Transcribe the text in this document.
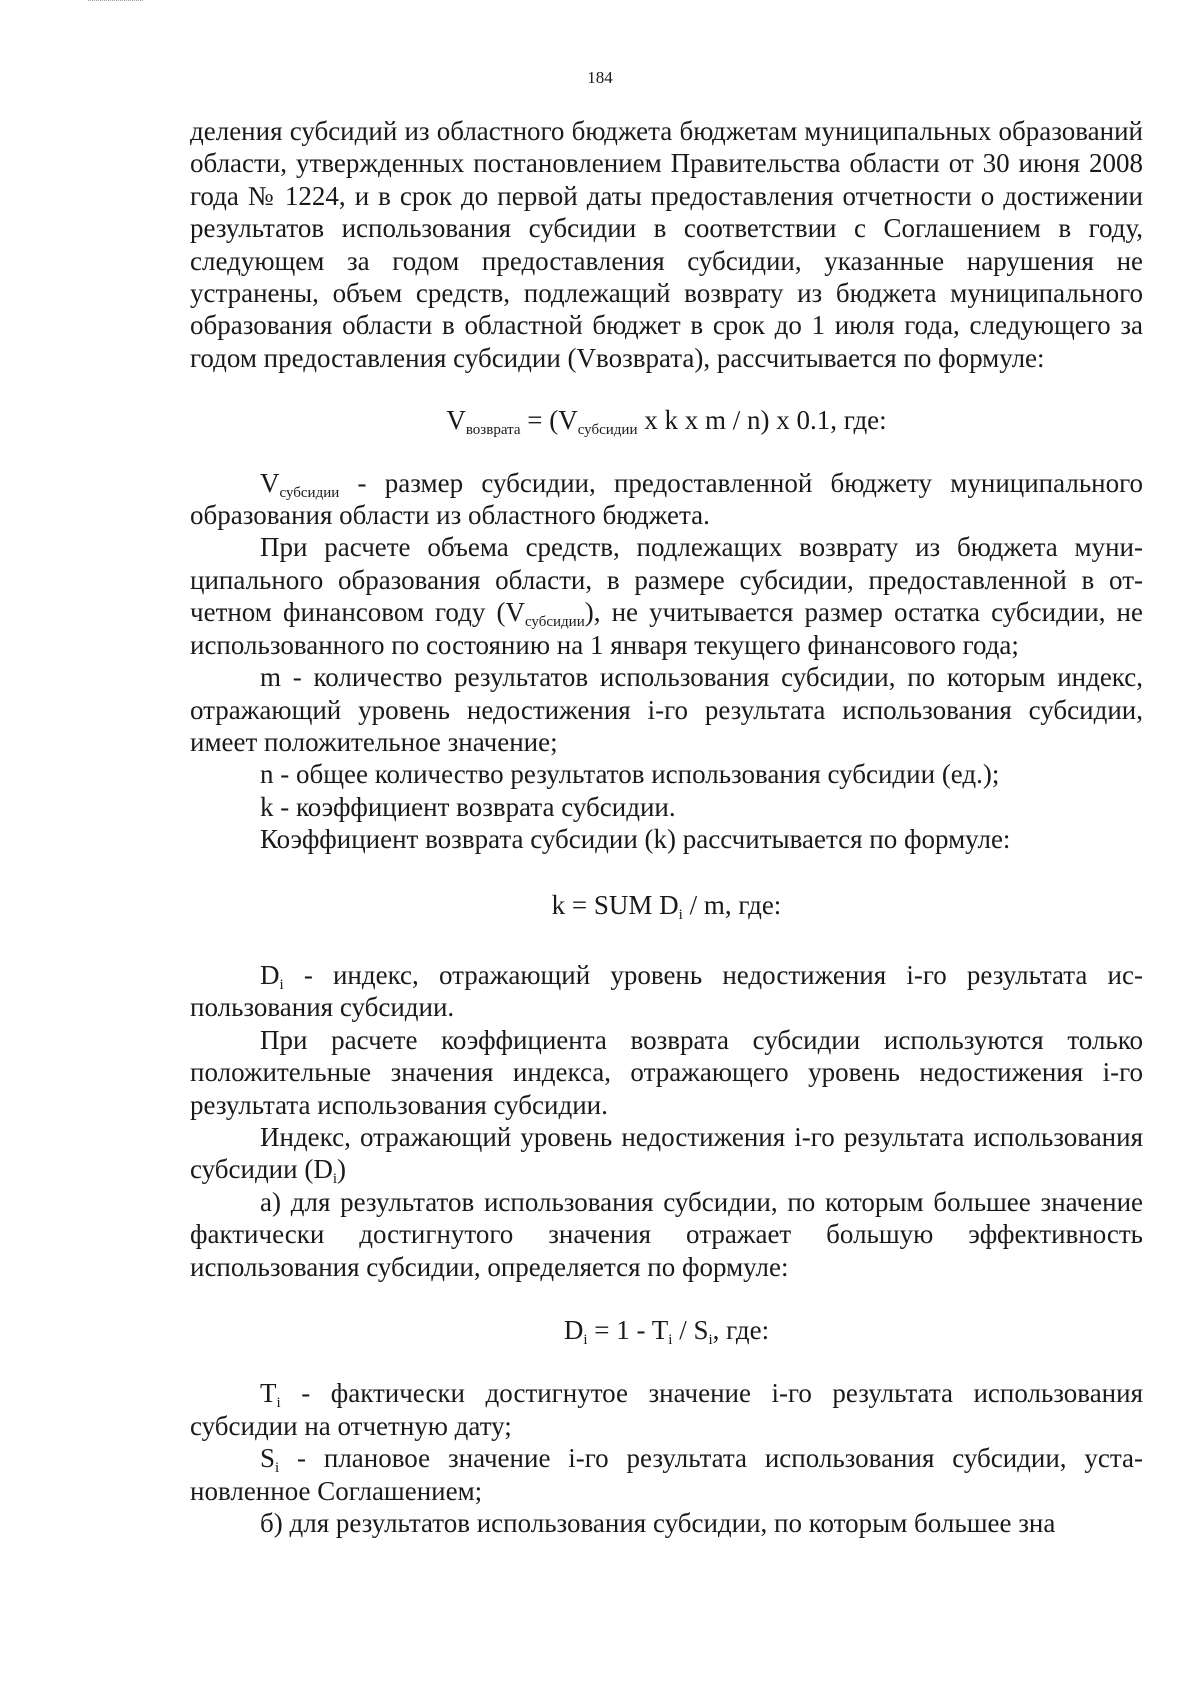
184

деления субсидий из областного бюджета бюджетам муниципальных образований области, утвержденных постановлением Правительства области от 30 июня 2008 года № 1224, и в срок до первой даты предоставления отчетности о достижении результатов использования субсидии в соответствии с Соглашением в году, следующем за годом предоставления субсидии, указанные нарушения не устранены, объем средств, подлежащий возврату из бюджета муниципального образования области в областной бюджет в срок до 1 июля года, следующего за годом предоставления субсидии (Vвозврата), рассчитывается по формуле:

$V_{возврата} = (V_{субсидии}$ x k x m / n) x 0.1, где:

$V_{субсидии}$ - размер субсидии, предоставленной бюджету муниципального образования области из областного бюджета.

При расчете объема средств, подлежащих возврату из бюджета муниципального образования области, в размере субсидии, предоставленной в отчетном финансовом году $(V_{субсидии})$, не учитывается размер остатка субсидии, не использованного по состоянию на 1 января текущего финансового года;

m - количество результатов использования субсидии, по которым индекс, отражающий уровень недостижения i-го результата использования субсидии, имеет положительное значение;

n - общее количество результатов использования субсидии (ед.);

k - коэффициент возврата субсидии.

Коэффициент возврата субсидии (k) рассчитывается по формуле:

k = SUM $D_i$ / m, где:

$D_i$ - индекс, отражающий уровень недостижения i-го результата использования субсидии.

При расчете коэффициента возврата субсидии используются только положительные значения индекса, отражающего уровень недостижения i-го результата использования субсидии.

Индекс, отражающий уровень недостижения i-го результата использования субсидии $(D_i)$

а) для результатов использования субсидии, по которым большее значение фактически достигнутого значения отражает большую эффективность использования субсидии, определяется по формуле:

$D_i = 1 - T_i / S_i$, где:

$T_i$ - фактически достигнутое значение i-го результата использования субсидии на отчетную дату;

$S_i$ - плановое значение i-го результата использования субсидии, установленное Соглашением;

б) для результатов использования субсидии, по которым большее зна
